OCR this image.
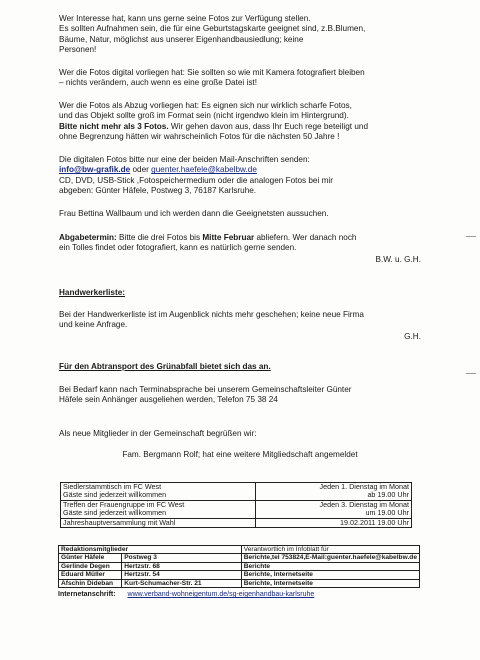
Wer Interesse hat, kann uns gerne seine Fotos zur Verfügung stellen.
Es sollten Aufnahmen sein, die für eine Geburtstagskarte geeignet sind, z.B.Blumen,
Bäume, Natur, möglichst aus unserer Eigenhandbausiedlung; keine
Personen!

Wer die Fotos digital vorliegen hat: Sie sollten so wie mit Kamera fotografiert bleiben
– nichts verändern, auch wenn es eine große Datei ist!

Wer die Fotos als Abzug vorliegen hat: Es eignen sich nur wirklich scharfe Fotos,
und das Objekt sollte groß im Format sein (nicht irgendwo klein im Hintergrund).
Bitte nicht mehr als 3 Fotos. Wir gehen davon aus, dass Ihr Euch rege beteiligt und
ohne Begrenzung hätten wir wahrscheinlich Fotos für die nächsten 50 Jahre !

Die digitalen Fotos bitte nur eine der beiden Mail-Anschriften senden:
info@bw-grafik.de oder guenter.haefele@kabelbw.de
CD, DVD, USB-Stick ,Fotospeichermedium oder die analogen Fotos bei mir
abgeben: Günter Häfele, Postweg 3, 76187 Karlsruhe.

Frau Bettina Wallbaum und ich werden dann die Geeignetsten aussuchen.

Abgabetermin: Bitte die drei Fotos bis Mitte Februar abliefern. Wer danach noch
ein Tolles findet oder fotografiert, kann es natürlich gerne senden.

B.W. u. G.H.

Handwerkerliste:

Bei der Handwerkerliste ist im Augenblick nichts mehr geschehen; keine neue Firma
und keine Anfrage.

G.H.

Für den Abtransport des Grünabfall bietet sich das an.

Bei Bedarf kann nach Terminabsprache bei unserem Gemeinschaftsleiter Günter
Häfele sein Anhänger ausgeliehen werden, Telefon 75 38 24

Als neue Mitglieder in der Gemeinschaft begrüßen wir:

Fam. Bergmann Rolf; hat eine weitere Mitgliedschaft angemeldet

Siedlerstammtisch im FC West	Jeden 1. Dienstag im Monat
Gäste sind jederzeit willkommen	ab 19.00 Uhr
Treffen der Frauengruppe im FC West	Jeden 3. Dienstag im Monat
Gäste sind jederzeit willkommen	um 19.00 Uhr
Jahreshauptversammlung mit Wahl	19.02.2011 19.00 Uhr
Redaktionsmitglieder		Verantwortlich im Infoblatt für
Günter Häfele	Postweg 3	Berichte,tel 753824,E-Mail:guenter.haefele@kabelbw.de
Gerlinde Degen	Hertzstr. 68	Berichte
Eduard Müller	Hertzstr. 54	Berichte, Internetseite
Afschin Dideban	Kurt-Schumacher-Str. 21	Berichte, Internetseite

Internetanschrift: www.verband-wohneigentum.de/sg-eigenhandbau-karlsruhe
